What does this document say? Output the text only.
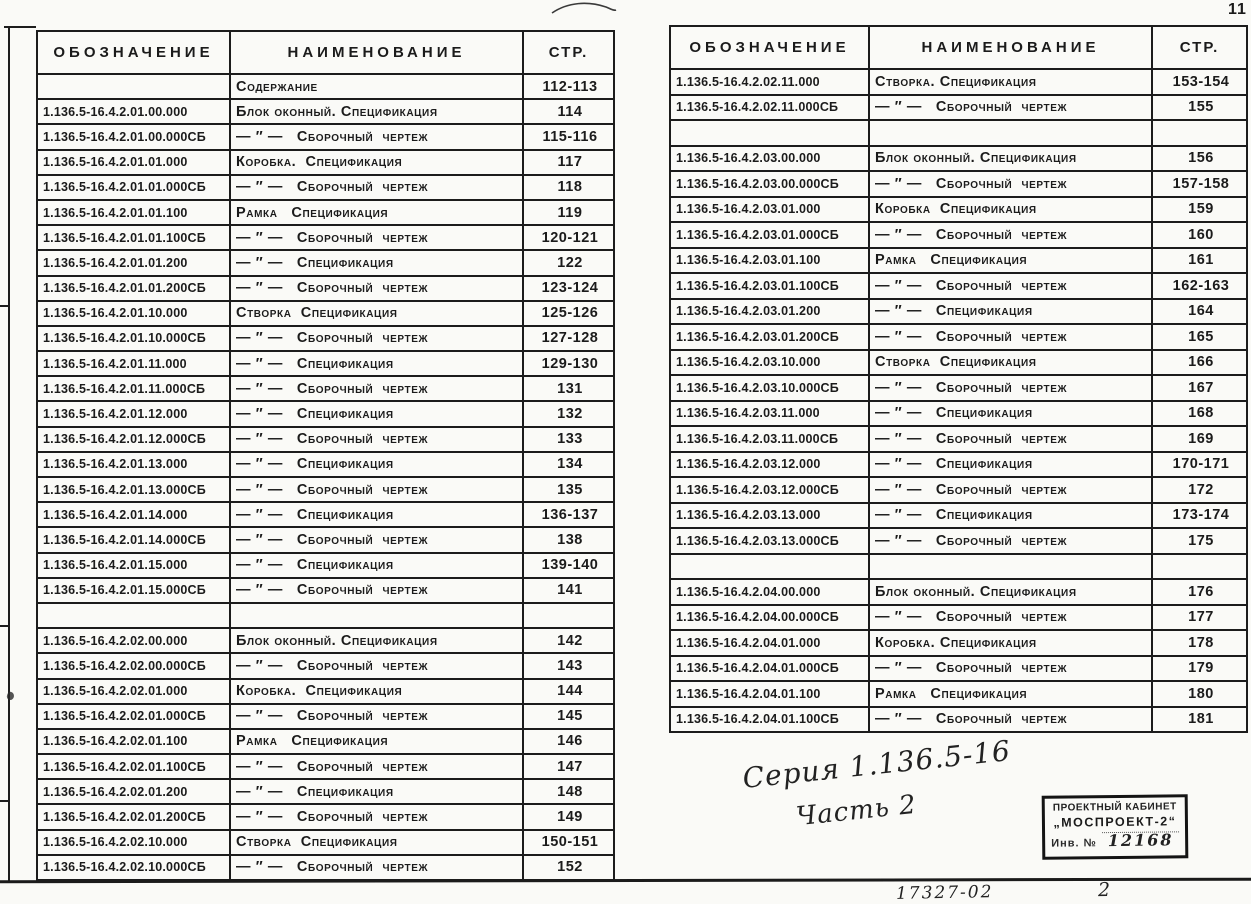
11
ОБОЗНАЧЕНИЕ	НАИМЕНОВАНИЕ	СТР.
	Содержание	112-113
1.136.5-16.4.2.01.00.000	Блок оконный. Спецификация	114
1.136.5-16.4.2.01.00.000СБ	— ″ —   Сборочный  чертеж	115-116
1.136.5-16.4.2.01.01.000	Коробка.  Спецификация	117
1.136.5-16.4.2.01.01.000СБ	— ″ —   Сборочный  чертеж	118
1.136.5-16.4.2.01.01.100	Рамка   Спецификация	119
1.136.5-16.4.2.01.01.100СБ	— ″ —   Сборочный  чертеж	120-121
1.136.5-16.4.2.01.01.200	— ″ —   Спецификация	122
1.136.5-16.4.2.01.01.200СБ	— ″ —   Сборочный  чертеж	123-124
1.136.5-16.4.2.01.10.000	Створка  Спецификация	125-126
1.136.5-16.4.2.01.10.000СБ	— ″ —   Сборочный  чертеж	127-128
1.136.5-16.4.2.01.11.000	— ″ —   Спецификация	129-130
1.136.5-16.4.2.01.11.000СБ	— ″ —   Сборочный  чертеж	131
1.136.5-16.4.2.01.12.000	— ″ —   Спецификация	132
1.136.5-16.4.2.01.12.000СБ	— ″ —   Сборочный  чертеж	133
1.136.5-16.4.2.01.13.000	— ″ —   Спецификация	134
1.136.5-16.4.2.01.13.000СБ	— ″ —   Сборочный  чертеж	135
1.136.5-16.4.2.01.14.000	— ″ —   Спецификация	136-137
1.136.5-16.4.2.01.14.000СБ	— ″ —   Сборочный  чертеж	138
1.136.5-16.4.2.01.15.000	— ″ —   Спецификация	139-140
1.136.5-16.4.2.01.15.000СБ	— ″ —   Сборочный  чертеж	141

1.136.5-16.4.2.02.00.000	Блок оконный. Спецификация	142
1.136.5-16.4.2.02.00.000СБ	— ″ —   Сборочный  чертеж	143
1.136.5-16.4.2.02.01.000	Коробка.  Спецификация	144
1.136.5-16.4.2.02.01.000СБ	— ″ —   Сборочный  чертеж	145
1.136.5-16.4.2.02.01.100	Рамка   Спецификация	146
1.136.5-16.4.2.02.01.100СБ	— ″ —   Сборочный  чертеж	147
1.136.5-16.4.2.02.01.200	— ″ —   Спецификация	148
1.136.5-16.4.2.02.01.200СБ	— ″ —   Сборочный  чертеж	149
1.136.5-16.4.2.02.10.000	Створка  Спецификация	150-151
1.136.5-16.4.2.02.10.000СБ	— ″ —   Сборочный  чертеж	152
ОБОЗНАЧЕНИЕ	НАИМЕНОВАНИЕ	СТР.
1.136.5-16.4.2.02.11.000	Створка. Спецификация	153-154
1.136.5-16.4.2.02.11.000СБ	— ″ —   Сборочный  чертеж	155

1.136.5-16.4.2.03.00.000	Блок оконный. Спецификация	156
1.136.5-16.4.2.03.00.000СБ	— ″ —   Сборочный  чертеж	157-158
1.136.5-16.4.2.03.01.000	Коробка  Спецификация	159
1.136.5-16.4.2.03.01.000СБ	— ″ —   Сборочный  чертеж	160
1.136.5-16.4.2.03.01.100	Рамка   Спецификация	161
1.136.5-16.4.2.03.01.100СБ	— ″ —   Сборочный  чертеж	162-163
1.136.5-16.4.2.03.01.200	— ″ —   Спецификация	164
1.136.5-16.4.2.03.01.200СБ	— ″ —   Сборочный  чертеж	165
1.136.5-16.4.2.03.10.000	Створка  Спецификация	166
1.136.5-16.4.2.03.10.000СБ	— ″ —   Сборочный  чертеж	167
1.136.5-16.4.2.03.11.000	— ″ —   Спецификация	168
1.136.5-16.4.2.03.11.000СБ	— ″ —   Сборочный  чертеж	169
1.136.5-16.4.2.03.12.000	— ″ —   Спецификация	170-171
1.136.5-16.4.2.03.12.000СБ	— ″ —   Сборочный  чертеж	172
1.136.5-16.4.2.03.13.000	— ″ —   Спецификация	173-174
1.136.5-16.4.2.03.13.000СБ	— ″ —   Сборочный  чертеж	175

1.136.5-16.4.2.04.00.000	Блок оконный. Спецификация	176
1.136.5-16.4.2.04.00.000СБ	— ″ —   Сборочный  чертеж	177
1.136.5-16.4.2.04.01.000	Коробка. Спецификация	178
1.136.5-16.4.2.04.01.000СБ	— ″ —   Сборочный  чертеж	179
1.136.5-16.4.2.04.01.100	Рамка   Спецификация	180
1.136.5-16.4.2.04.01.100СБ	— ″ —   Сборочный  чертеж	181
Серия 1.136.5-16
Часть 2	ПРОЕКТНЫЙ КАБИНЕТ
„МОСПРОЕКТ-2“
Инв. № 12168
17327-02	2
